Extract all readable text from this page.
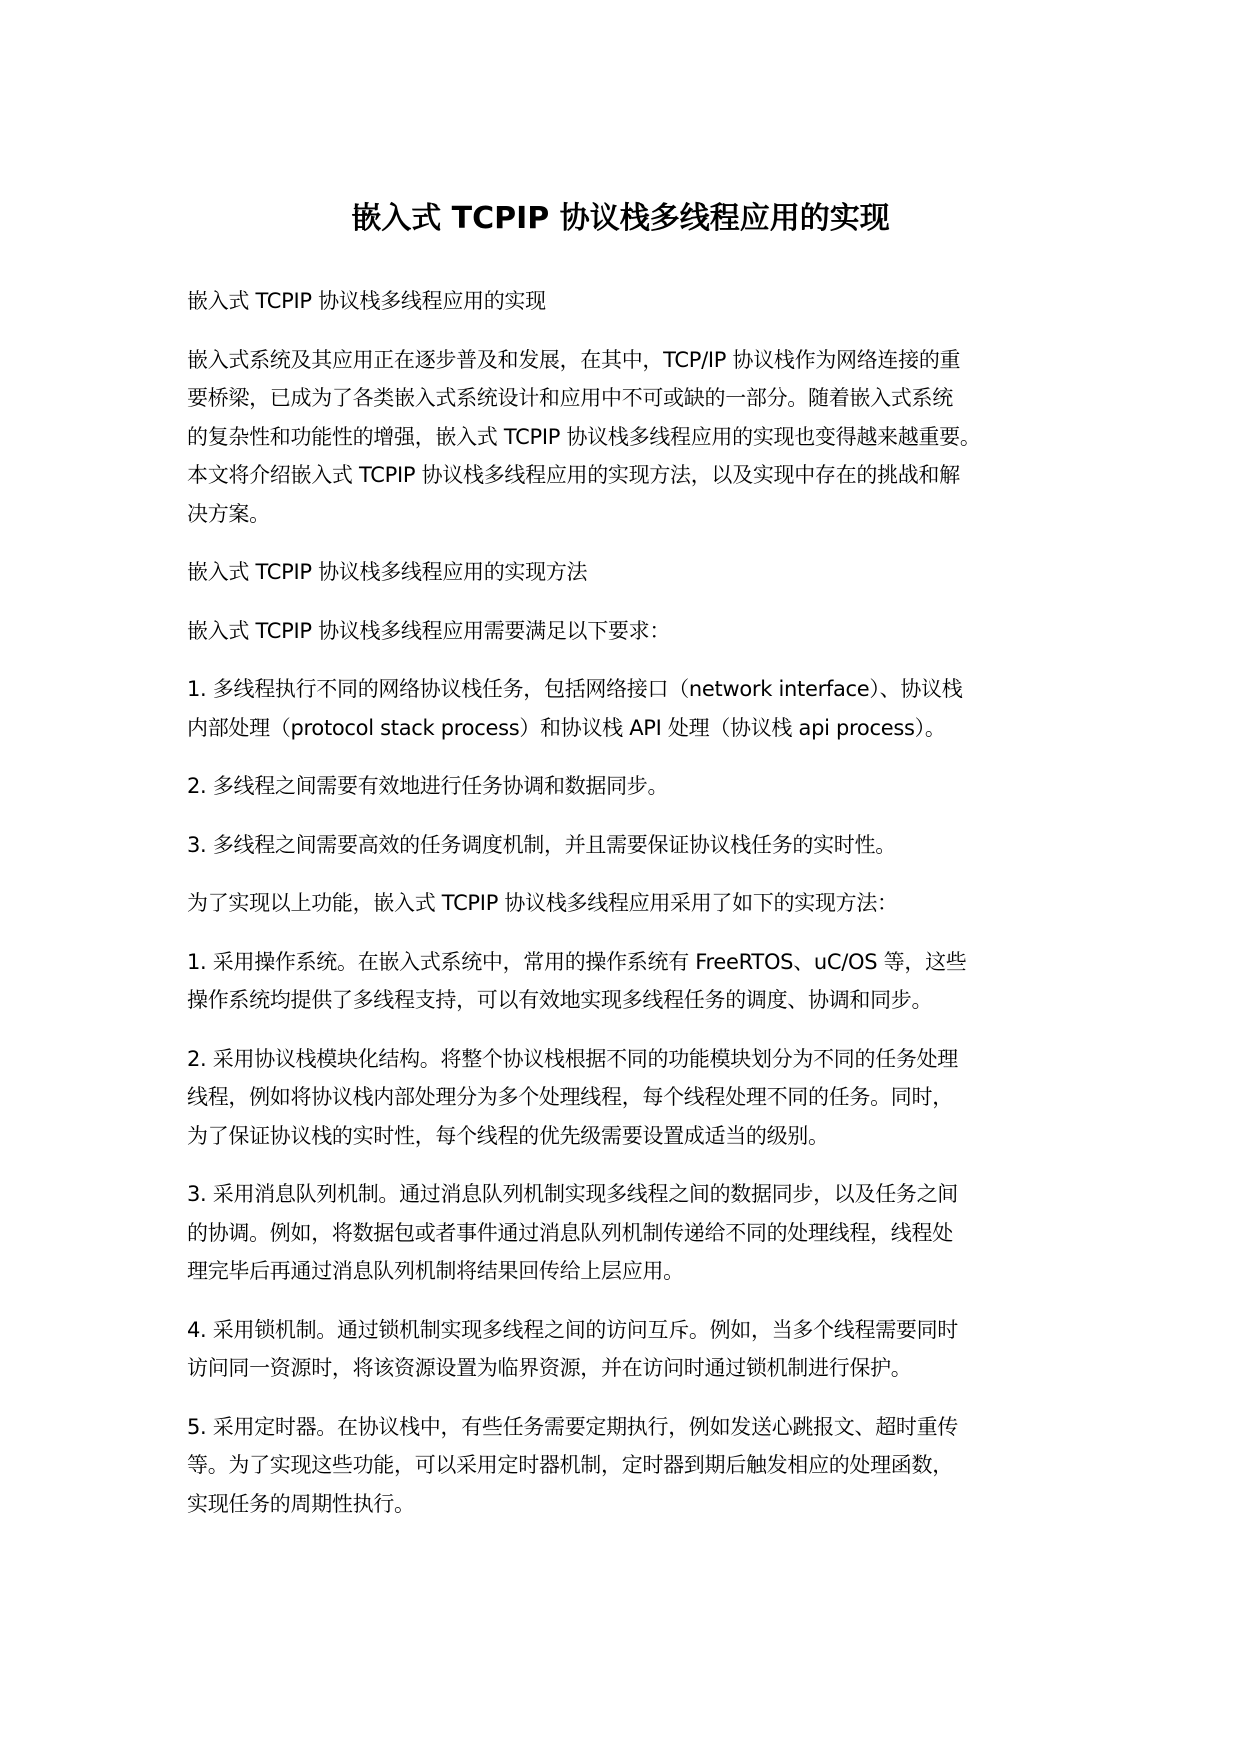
嵌入式 TCPIP 协议栈多线程应用的实现

嵌入式 TCPIP 协议栈多线程应用的实现

嵌入式系统及其应用正在逐步普及和发展，在其中，TCP/IP 协议栈作为网络连接的重
要桥梁，已成为了各类嵌入式系统设计和应用中不可或缺的一部分。随着嵌入式系统
的复杂性和功能性的增强，嵌入式 TCPIP 协议栈多线程应用的实现也变得越来越重要。
本文将介绍嵌入式 TCPIP 协议栈多线程应用的实现方法，以及实现中存在的挑战和解
决方案。

嵌入式 TCPIP 协议栈多线程应用的实现方法

嵌入式 TCPIP 协议栈多线程应用需要满足以下要求：

1. 多线程执行不同的网络协议栈任务，包括网络接口（network interface）、协议栈
内部处理（protocol stack process）和协议栈 API 处理（协议栈 api process）。

2. 多线程之间需要有效地进行任务协调和数据同步。

3. 多线程之间需要高效的任务调度机制，并且需要保证协议栈任务的实时性。

为了实现以上功能，嵌入式 TCPIP 协议栈多线程应用采用了如下的实现方法：

1. 采用操作系统。在嵌入式系统中，常用的操作系统有 FreeRTOS、uC/OS 等，这些
操作系统均提供了多线程支持，可以有效地实现多线程任务的调度、协调和同步。

2. 采用协议栈模块化结构。将整个协议栈根据不同的功能模块划分为不同的任务处理
线程，例如将协议栈内部处理分为多个处理线程，每个线程处理不同的任务。同时，
为了保证协议栈的实时性，每个线程的优先级需要设置成适当的级别。

3. 采用消息队列机制。通过消息队列机制实现多线程之间的数据同步，以及任务之间
的协调。例如，将数据包或者事件通过消息队列机制传递给不同的处理线程，线程处
理完毕后再通过消息队列机制将结果回传给上层应用。

4. 采用锁机制。通过锁机制实现多线程之间的访问互斥。例如，当多个线程需要同时
访问同一资源时，将该资源设置为临界资源，并在访问时通过锁机制进行保护。

5. 采用定时器。在协议栈中，有些任务需要定期执行，例如发送心跳报文、超时重传
等。为了实现这些功能，可以采用定时器机制，定时器到期后触发相应的处理函数，
实现任务的周期性执行。
